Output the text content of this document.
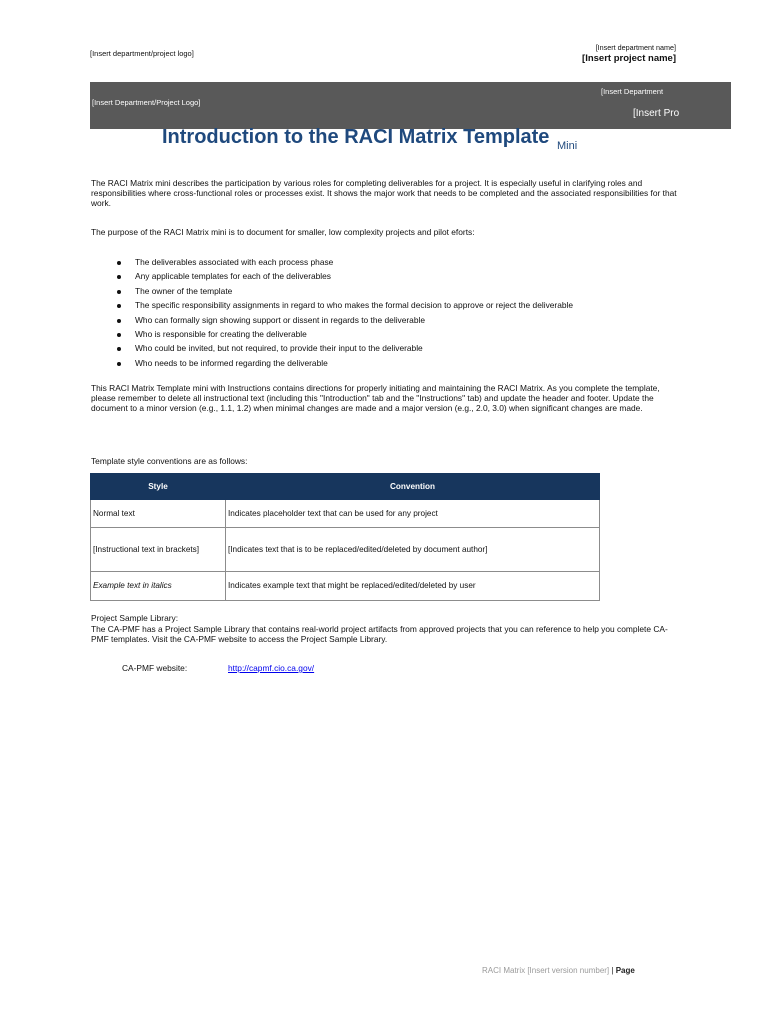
[Insert department/project logo]
[Insert department name]
[Insert project name]
[Insert Department/Project Logo]
[Insert Department
[Insert Pro
Introduction to the RACI Matrix Template $_{Mini}$
The RACI Matrix mini describes the participation by various roles for completing deliverables for a project. It is especially useful in clarifying roles and responsibilities where cross-functional roles or processes exist. It shows the major work that needs to be completed and the associated responsibilities for that work.
The purpose of the RACI Matrix mini is to document for smaller, low complexity projects and pilot eforts:
The deliverables associated with each process phase
Any applicable templates for each of the deliverables
The owner of the template
The specific responsibility assignments in regard to who makes the formal decision to approve or reject the deliverable
Who can formally sign showing support or dissent in regards to the deliverable
Who is responsible for creating the deliverable
Who could be invited, but not required, to provide their input to the deliverable
Who needs to be informed regarding the deliverable
This RACI Matrix Template mini with Instructions contains directions for properly initiating and maintaining the RACI Matrix. As you complete the template, please remember to delete all instructional text (including this "Introduction" tab and the "Instructions" tab) and update the header and footer. Update the document to a minor version (e.g., 1.1, 1.2) when minimal changes are made and a major version (e.g., 2.0, 3.0) when significant changes are made.
Template style conventions are as follows:
Style	Convention
Normal text	Indicates placeholder text that can be used for any project
[Instructional text in brackets]	[Indicates text that is to be replaced/edited/deleted by document author]
Example text in italics	Indicates example text that might be replaced/edited/deleted by user
Project Sample Library:
The CA-PMF has a Project Sample Library that contains real-world project artifacts from approved projects that you can reference to help you complete CA-PMF templates. Visit the CA-PMF website to access the Project Sample Library.
CA-PMF website:	http://capmf.cio.ca.gov/
RACI Matrix [Insert version number] | Page
